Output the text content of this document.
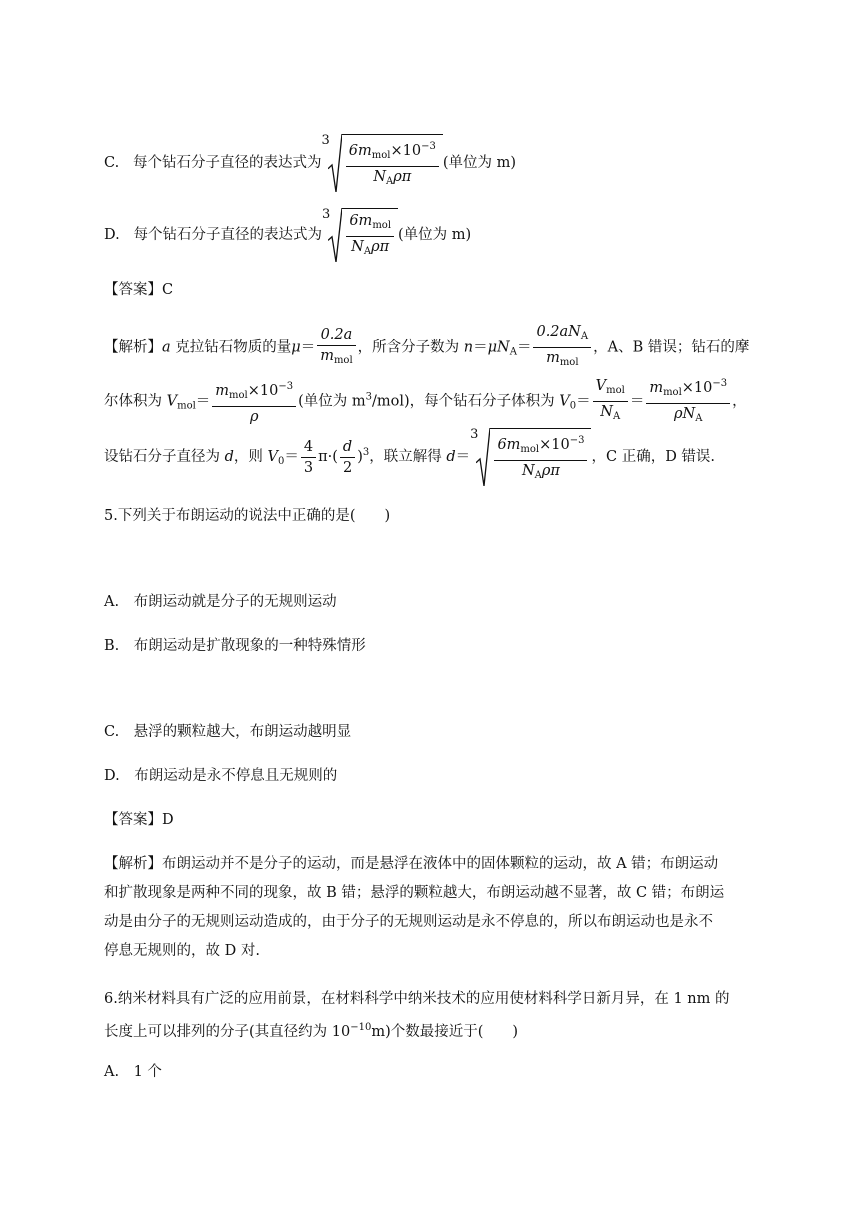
C. 每个钻石分子直径的表达式为
$3 \frac{6m_{mol}\times 10^{-3}}{N_A\rho\pi}$ (单位为 m)
D. 每个钻石分子直径的表达式为
$3 \frac{6m_{mol}}{N_A\rho\pi}$ (单位为 m)
【答案】C
【解析】a 克拉钻石物质的量$\mu= \frac{0.2a}{m_{mol}}$ ，所含分子数为 $n=\mu N_A= \frac{0.2aN_A}{m_{mol}}$ ，A、B 错误；钻石的摩
尔体积为 $V_{mol}= \frac{m_{mol}\times 10^{-3}}{\rho}$ (单位为 $m^3/mol$)，每个钻石分子体积为 $V_0= \frac{V_{mol}}{N_A} = \frac{m_{mol}\times 10^{-3}}{\rho N_A}$ ，
设钻石分子直径为 d，则 $V_0= \frac{4}{3} \pi\cdot( \frac{d}{2} )^3$，联立解得 d＝
$3 \frac{6m_{mol}\times 10^{-3}}{N_A\rho\pi}$ ，C 正确，D 错误.
5.下列关于布朗运动的说法中正确的是(　　)
A.　布朗运动就是分子的无规则运动
B.　布朗运动是扩散现象的一种特殊情形
C.　悬浮的颗粒越大，布朗运动越明显
D.　布朗运动是永不停息且无规则的
【答案】D
【解析】布朗运动并不是分子的运动，而是悬浮在液体中的固体颗粒的运动，故 A 错；布朗运动
和扩散现象是两种不同的现象，故 B 错；悬浮的颗粒越大，布朗运动越不显著，故 C 错；布朗运
动是由分子的无规则运动造成的，由于分子的无规则运动是永不停息的，所以布朗运动也是永不
停息无规则的，故 D 对.
6.纳米材料具有广泛的应用前景，在材料科学中纳米技术的应用使材料科学日新月异，在 1 nm 的
长度上可以排列的分子(其直径约为 $10^{-10}m$)个数最接近于(　　)
A.　1 个
